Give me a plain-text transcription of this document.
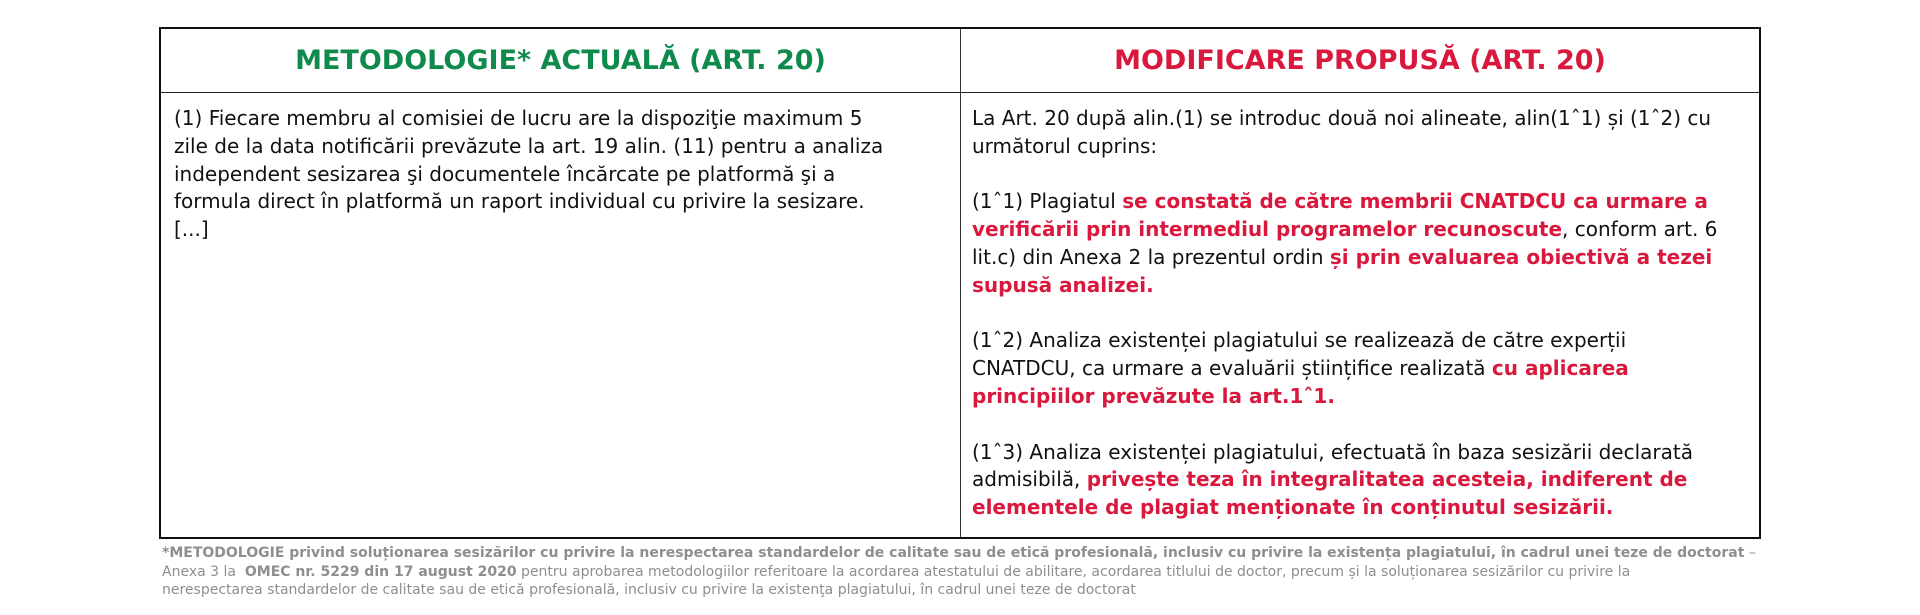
METODOLOGIE* ACTUALĂ (ART. 20)	MODIFICARE PROPUSĂ (ART. 20)
(1) Fiecare membru al comisiei de lucru are la dispoziţie maximum 5
zile de la data notificării prevăzute la art. 19 alin. (11) pentru a analiza
independent sesizarea şi documentele încărcate pe platformă şi a
formula direct în platformă un raport individual cu privire la sesizare.
[...]
La Art. 20 după alin.(1) se introduc două noi alineate, alin(1ˆ1) și (1ˆ2) cu
următorul cuprins:
(1ˆ1) Plagiatul se constată de către membrii CNATDCU ca urmare a
verificării prin intermediul programelor recunoscute, conform art. 6
lit.c) din Anexa 2 la prezentul ordin și prin evaluarea obiectivă a tezei
supusă analizei.
(1ˆ2) Analiza existenței plagiatului se realizează de către experții
CNATDCU, ca urmare a evaluării științifice realizată cu aplicarea
principiilor prevăzute la art.1ˆ1.
(1ˆ3) Analiza existenței plagiatului, efectuată în baza sesizării declarată
admisibilă, privește teza în integralitatea acesteia, indiferent de
elementele de plagiat menționate în conținutul sesizării.
*METODOLOGIE privind soluționarea sesizărilor cu privire la nerespectarea standardelor de calitate sau de etică profesională, inclusiv cu privire la existența plagiatului, în cadrul unei teze de doctorat –
Anexa 3 la  OMEC nr. 5229 din 17 august 2020 pentru aprobarea metodologiilor referitoare la acordarea atestatului de abilitare, acordarea titlului de doctor, precum și la soluționarea sesizărilor cu privire la
nerespectarea standardelor de calitate sau de etică profesională, inclusiv cu privire la existenţa plagiatului, în cadrul unei teze de doctorat
